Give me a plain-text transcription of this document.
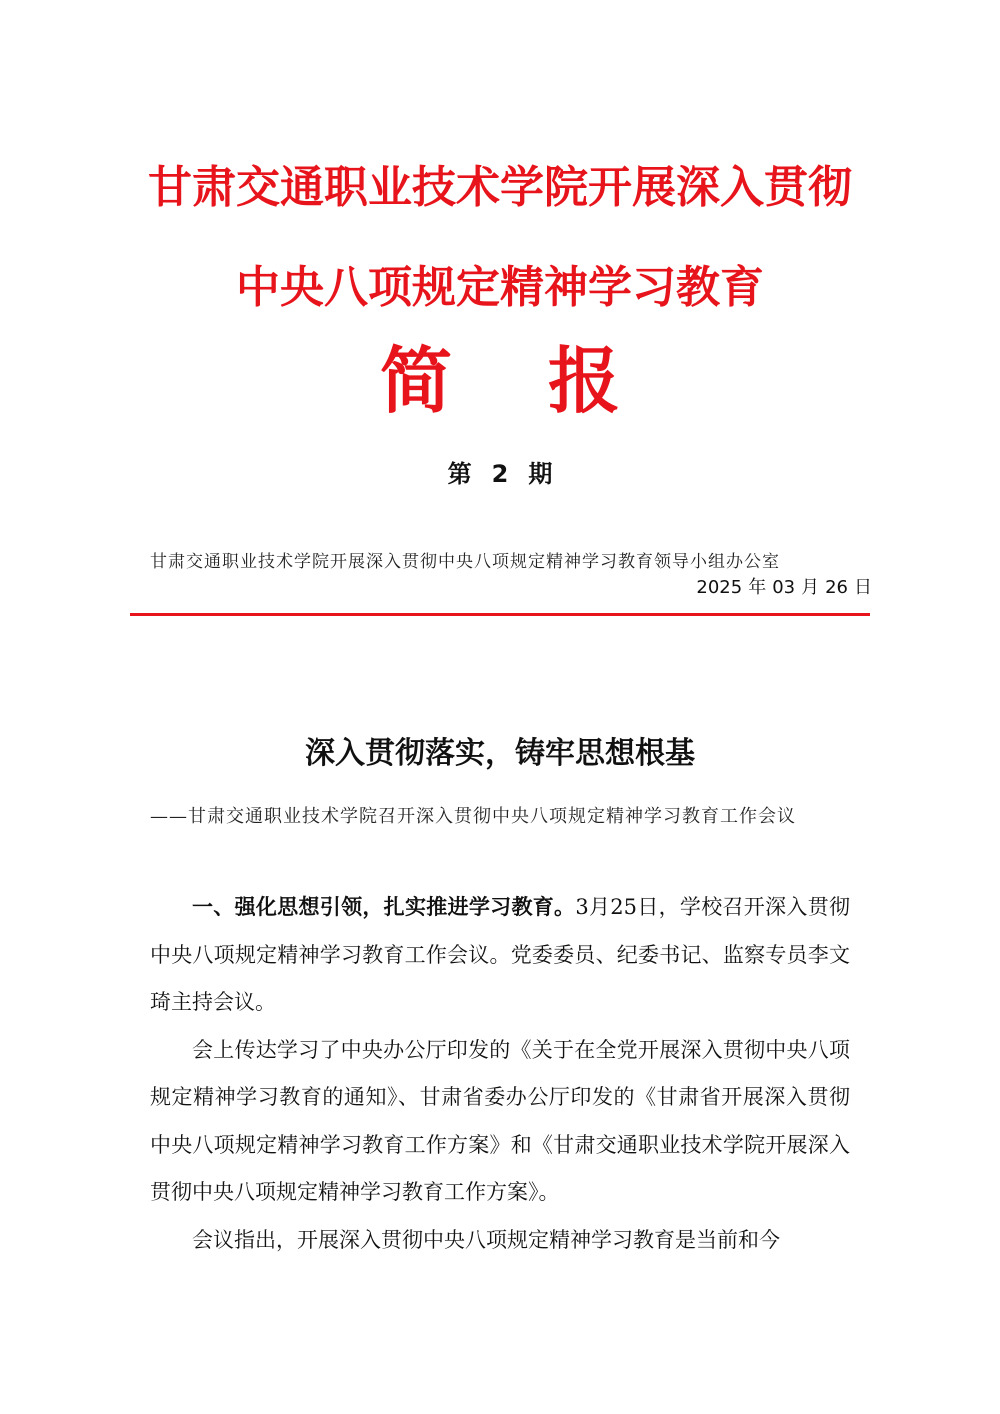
甘肃交通职业技术学院开展深入贯彻
中央八项规定精神学习教育
简 报
第 2 期
甘肃交通职业技术学院开展深入贯彻中央八项规定精神学习教育领导小组办公室
2025 年 03 月 26 日
深入贯彻落实，铸牢思想根基
——甘肃交通职业技术学院召开深入贯彻中央八项规定精神学习教育工作会议

一、强化思想引领，扎实推进学习教育。3月25日，学校召开深入贯彻中央八项规定精神学习教育工作会议。党委委员、纪委书记、监察专员李文琦主持会议。

会上传达学习了中央办公厅印发的《关于在全党开展深入贯彻中央八项规定精神学习教育的通知》、甘肃省委办公厅印发的《甘肃省开展深入贯彻中央八项规定精神学习教育工作方案》和《甘肃交通职业技术学院开展深入贯彻中央八项规定精神学习教育工作方案》。

会议指出，开展深入贯彻中央八项规定精神学习教育是当前和今
